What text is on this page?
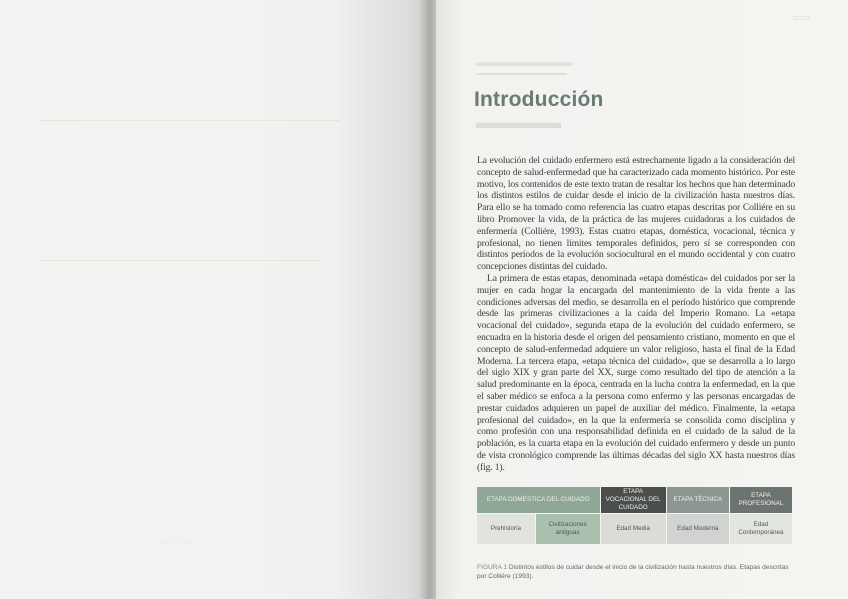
· · · · · ·
▭▭
▬▬▬▬▬▬▬▬
▬▬▬▬▬▬▬▬▬▬▬▬▬
▬▬▬▬▬
Introducción

La evolución del cuidado enfermero está estrechamente ligado a la consideración del concepto de salud-enfermedad que ha caracterizado cada momento histórico. Por este motivo, los contenidos de este texto tratan de resaltar los hechos que han determinado los distintos estilos de cuidar desde el inicio de la civilización hasta nuestros días. Para ello se ha tomado como referencia las cuatro etapas descritas por Colliére en su libro Promover la vida, de la práctica de las mujeres cuidadoras a los cuidados de enfermería (Colliére, 1993). Estas cuatro etapas, doméstica, vocacional, técnica y profesional, no tienen límites temporales definidos, pero sí se corresponden con distintos períodos de la evolución sociocultural en el mundo occidental y con cuatro concepciones distintas del cuidado.

La primera de estas etapas, denominada «etapa doméstica» del cuidados por ser la mujer en cada hogar la encargada del mantenimiento de la vida frente a las condiciones adversas del medio, se desarrolla en el período histórico que comprende desde las primeras civilizaciones a la caída del Imperio Romano. La «etapa vocacional del cuidado», segunda etapa de la evolución del cuidado enfermero, se encuadra en la historia desde el origen del pensamiento cristiano, momento en que el concepto de salud-enfermedad adquiere un valor religioso, hasta el final de la Edad Moderna. La tercera etapa, «etapa técnica del cuidado», que se desarrolla a lo largo del siglo XIX y gran parte del XX, surge como resultado del tipo de atención a la salud predominante en la época, centrada en la lucha contra la enfermedad, en la que el saber médico se enfoca a la persona como enfermo y las personas encargadas de prestar cuidados adquieren un papel de auxiliar del médico. Finalmente, la «etapa profesional del cuidado», en la que la enfermería se consolida como disciplina y como profesión con una responsabilidad definida en el cuidado de la salud de la población, es la cuarta etapa en la evolución del cuidado enfermero y desde un punto de vista cronológico comprende las últimas décadas del siglo XX hasta nuestros días (fig. 1).

ETAPA DOMÉSTICA DEL CUIDADO		ETAPA VOCACIONAL DEL CUIDADO	ETAPA TÉCNICA	ETAPA PROFESIONAL
Prehistoria	Civilizaciones antiguas	Edad Media	Edad Moderna	Edad Contemporánea
FIGURA 1 Distintos estilos de cuidar desde el inicio de la civilización hasta nuestros días. Etapas descritas por Colliére (1993).
